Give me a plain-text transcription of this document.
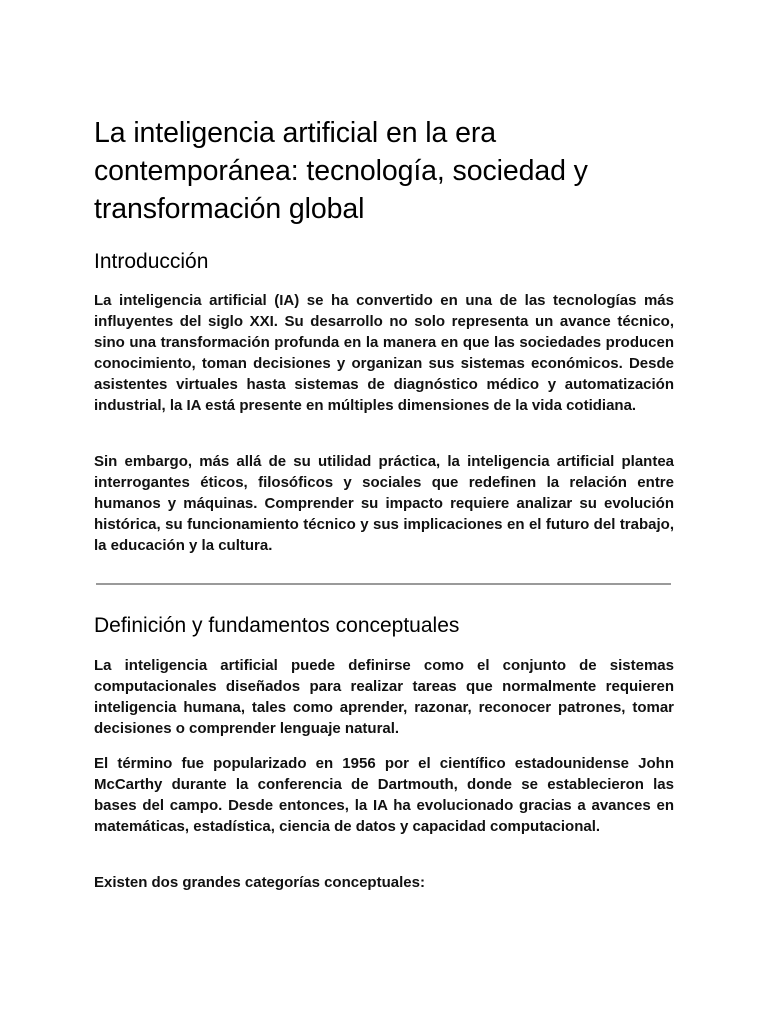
La inteligencia artificial en la era contemporánea: tecnología, sociedad y transformación global
Introducción

La inteligencia artificial (IA) se ha convertido en una de las tecnologías más influyentes del siglo XXI. Su desarrollo no solo representa un avance técnico, sino una transformación profunda en la manera en que las sociedades producen conocimiento, toman decisiones y organizan sus sistemas económicos. Desde asistentes virtuales hasta sistemas de diagnóstico médico y automatización industrial, la IA está presente en múltiples dimensiones de la vida cotidiana.

Sin embargo, más allá de su utilidad práctica, la inteligencia artificial plantea interrogantes éticos, filosóficos y sociales que redefinen la relación entre humanos y máquinas. Comprender su impacto requiere analizar su evolución histórica, su funcionamiento técnico y sus implicaciones en el futuro del trabajo, la educación y la cultura.

Definición y fundamentos conceptuales

La inteligencia artificial puede definirse como el conjunto de sistemas computacionales diseñados para realizar tareas que normalmente requieren inteligencia humana, tales como aprender, razonar, reconocer patrones, tomar decisiones o comprender lenguaje natural.

El término fue popularizado en 1956 por el científico estadounidense John McCarthy durante la conferencia de Dartmouth, donde se establecieron las bases del campo. Desde entonces, la IA ha evolucionado gracias a avances en matemáticas, estadística, ciencia de datos y capacidad computacional.

Existen dos grandes categorías conceptuales:
